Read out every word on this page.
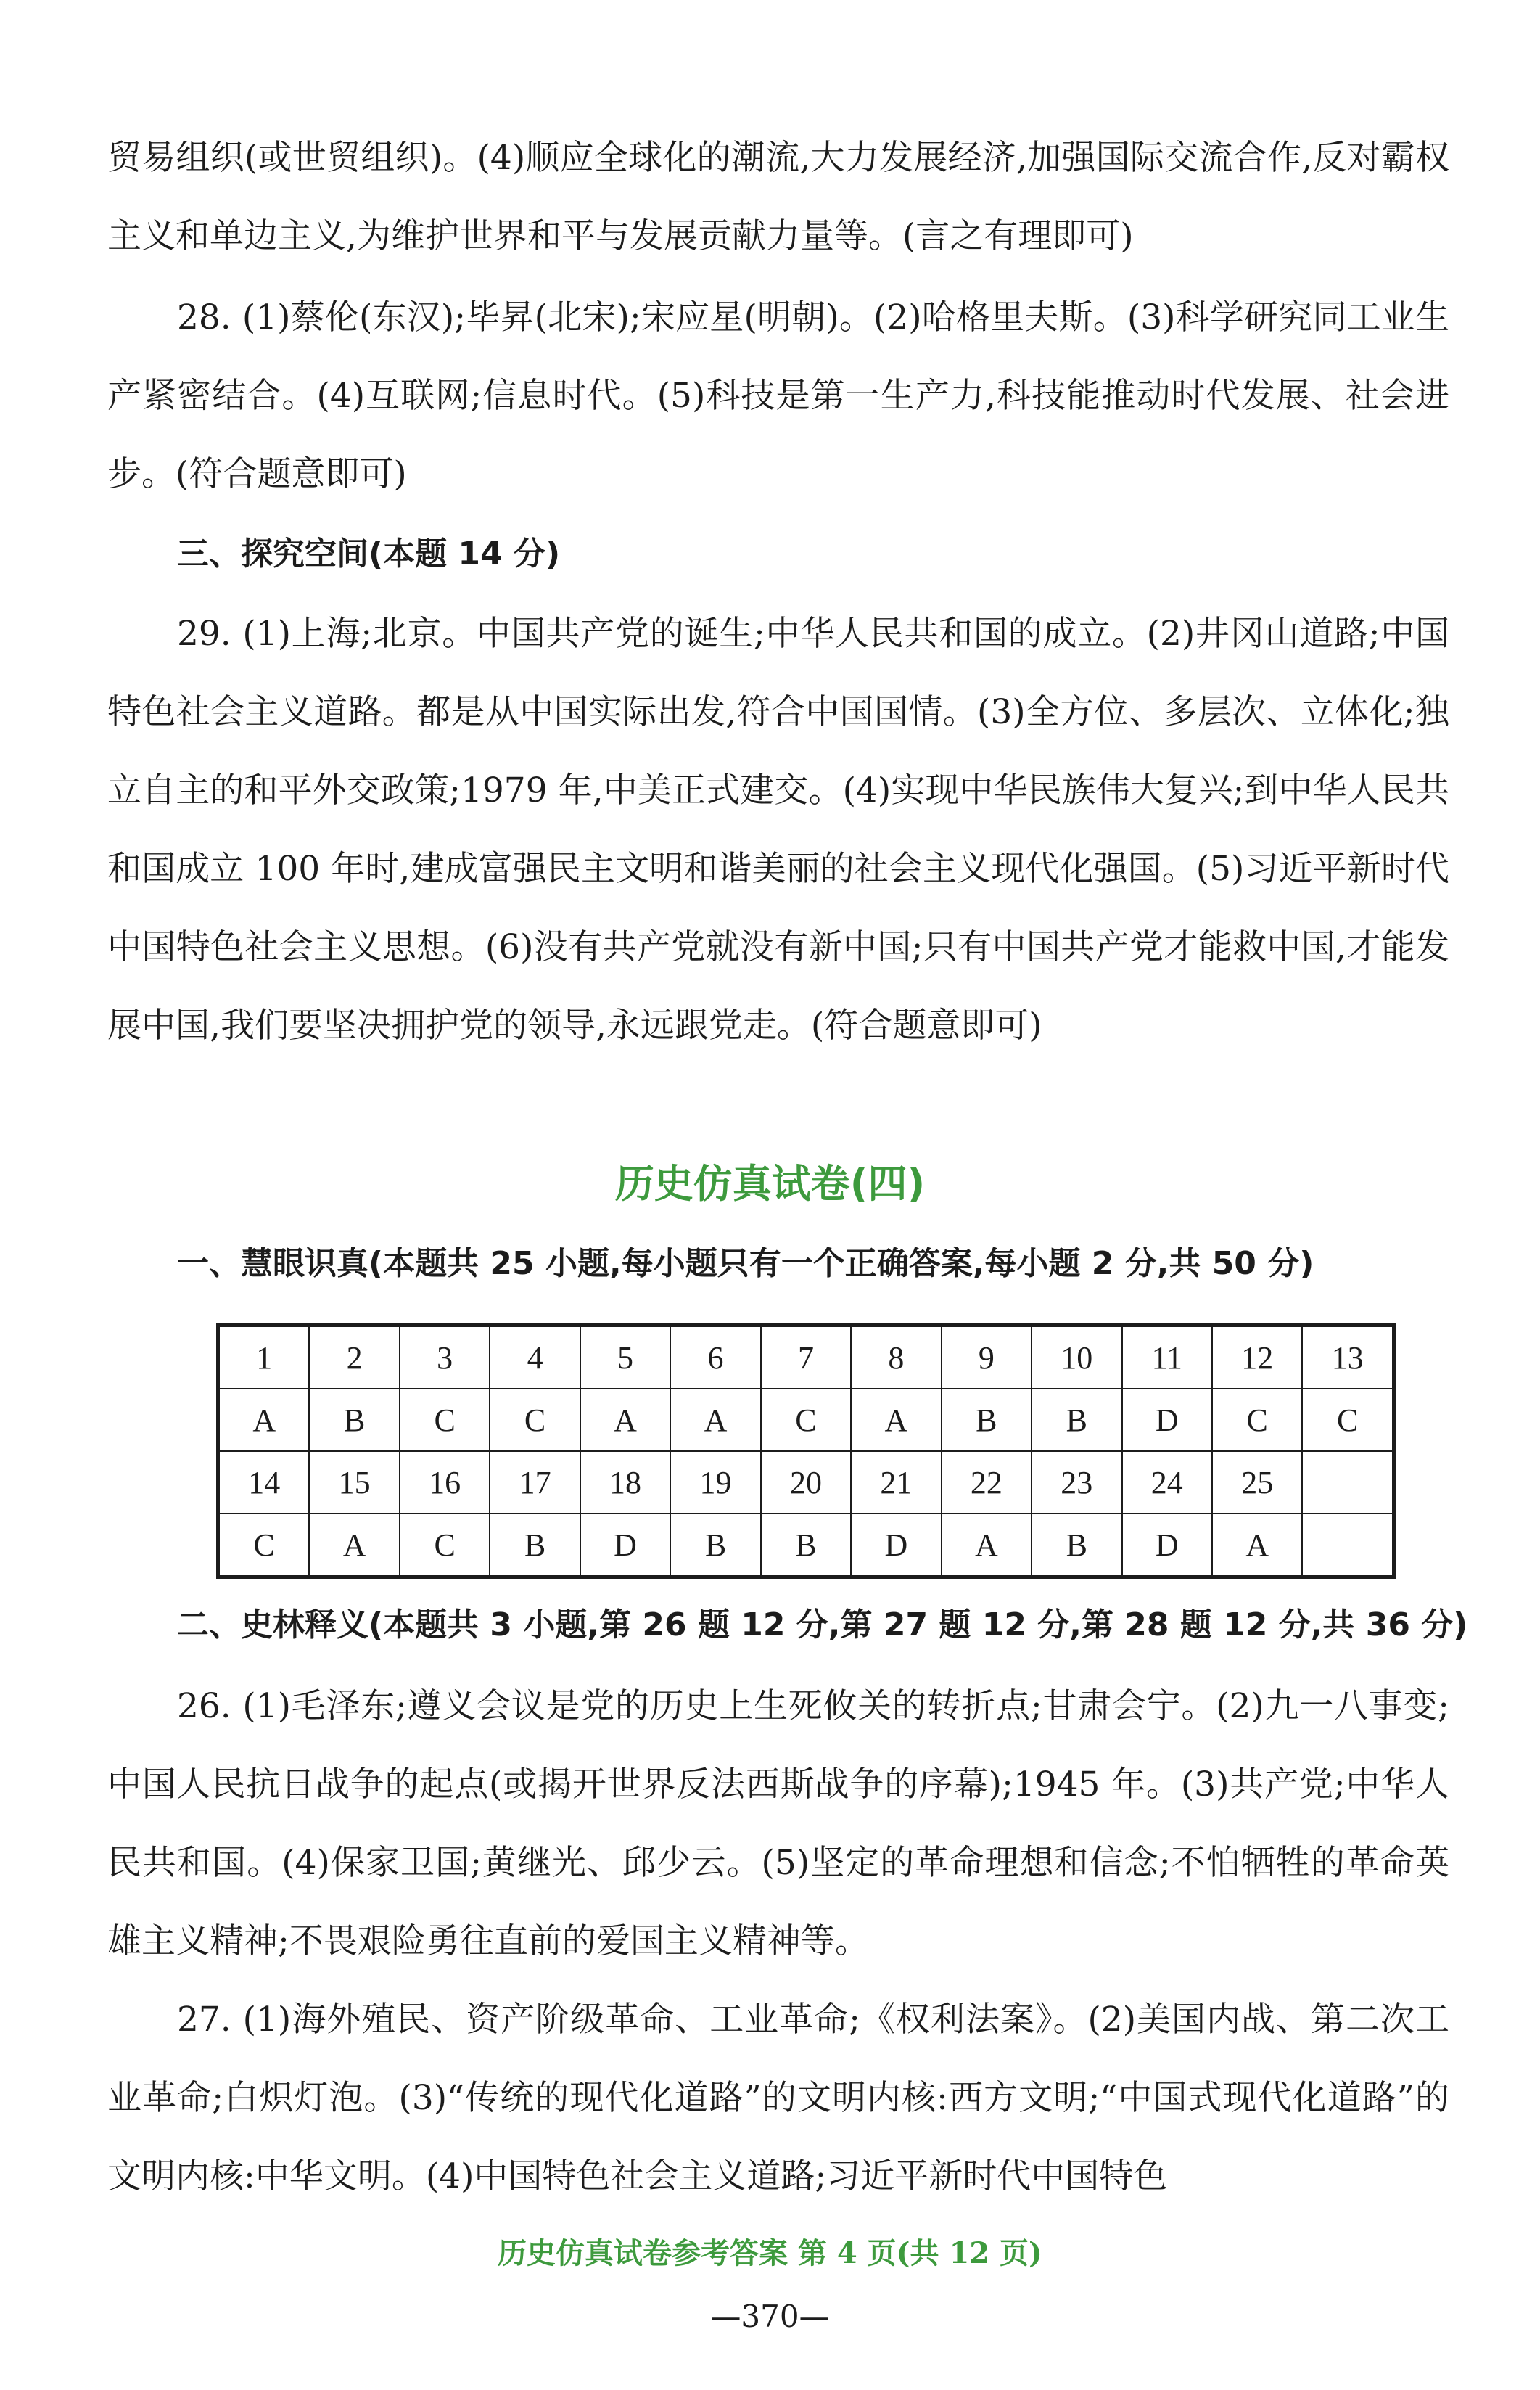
贸易组织(或世贸组织)。(4)顺应全球化的潮流,大力发展经济,加强国际交流合作,反对霸权主义和单边主义,为维护世界和平与发展贡献力量等。(言之有理即可)

28. (1)蔡伦(东汉);毕昇(北宋);宋应星(明朝)。(2)哈格里夫斯。(3)科学研究同工业生产紧密结合。(4)互联网;信息时代。(5)科技是第一生产力,科技能推动时代发展、社会进步。(符合题意即可)

三、探究空间(本题 14 分)

29. (1)上海;北京。中国共产党的诞生;中华人民共和国的成立。(2)井冈山道路;中国特色社会主义道路。都是从中国实际出发,符合中国国情。(3)全方位、多层次、立体化;独立自主的和平外交政策;1979 年,中美正式建交。(4)实现中华民族伟大复兴;到中华人民共和国成立 100 年时,建成富强民主文明和谐美丽的社会主义现代化强国。(5)习近平新时代中国特色社会主义思想。(6)没有共产党就没有新中国;只有中国共产党才能救中国,才能发展中国,我们要坚决拥护党的领导,永远跟党走。(符合题意即可)

历史仿真试卷(四)

一、慧眼识真(本题共 25 小题,每小题只有一个正确答案,每小题 2 分,共 50 分)

1	2	3	4	5	6	7	8	9	10	11	12	13
A	B	C	C	A	A	C	A	B	B	D	C	C
14	15	16	17	18	19	20	21	22	23	24	25	
C	A	C	B	D	B	B	D	A	B	D	A	

二、史林释义(本题共 3 小题,第 26 题 12 分,第 27 题 12 分,第 28 题 12 分,共 36 分)

26. (1)毛泽东;遵义会议是党的历史上生死攸关的转折点;甘肃会宁。(2)九一八事变;中国人民抗日战争的起点(或揭开世界反法西斯战争的序幕);1945 年。(3)共产党;中华人民共和国。(4)保家卫国;黄继光、邱少云。(5)坚定的革命理想和信念;不怕牺牲的革命英雄主义精神;不畏艰险勇往直前的爱国主义精神等。

27. (1)海外殖民、资产阶级革命、工业革命;《权利法案》。(2)美国内战、第二次工业革命;白炽灯泡。(3)“传统的现代化道路”的文明内核:西方文明;“中国式现代化道路”的文明内核:中华文明。(4)中国特色社会主义道路;习近平新时代中国特色

历史仿真试卷参考答案 第 4 页(共 12 页)

—370—
